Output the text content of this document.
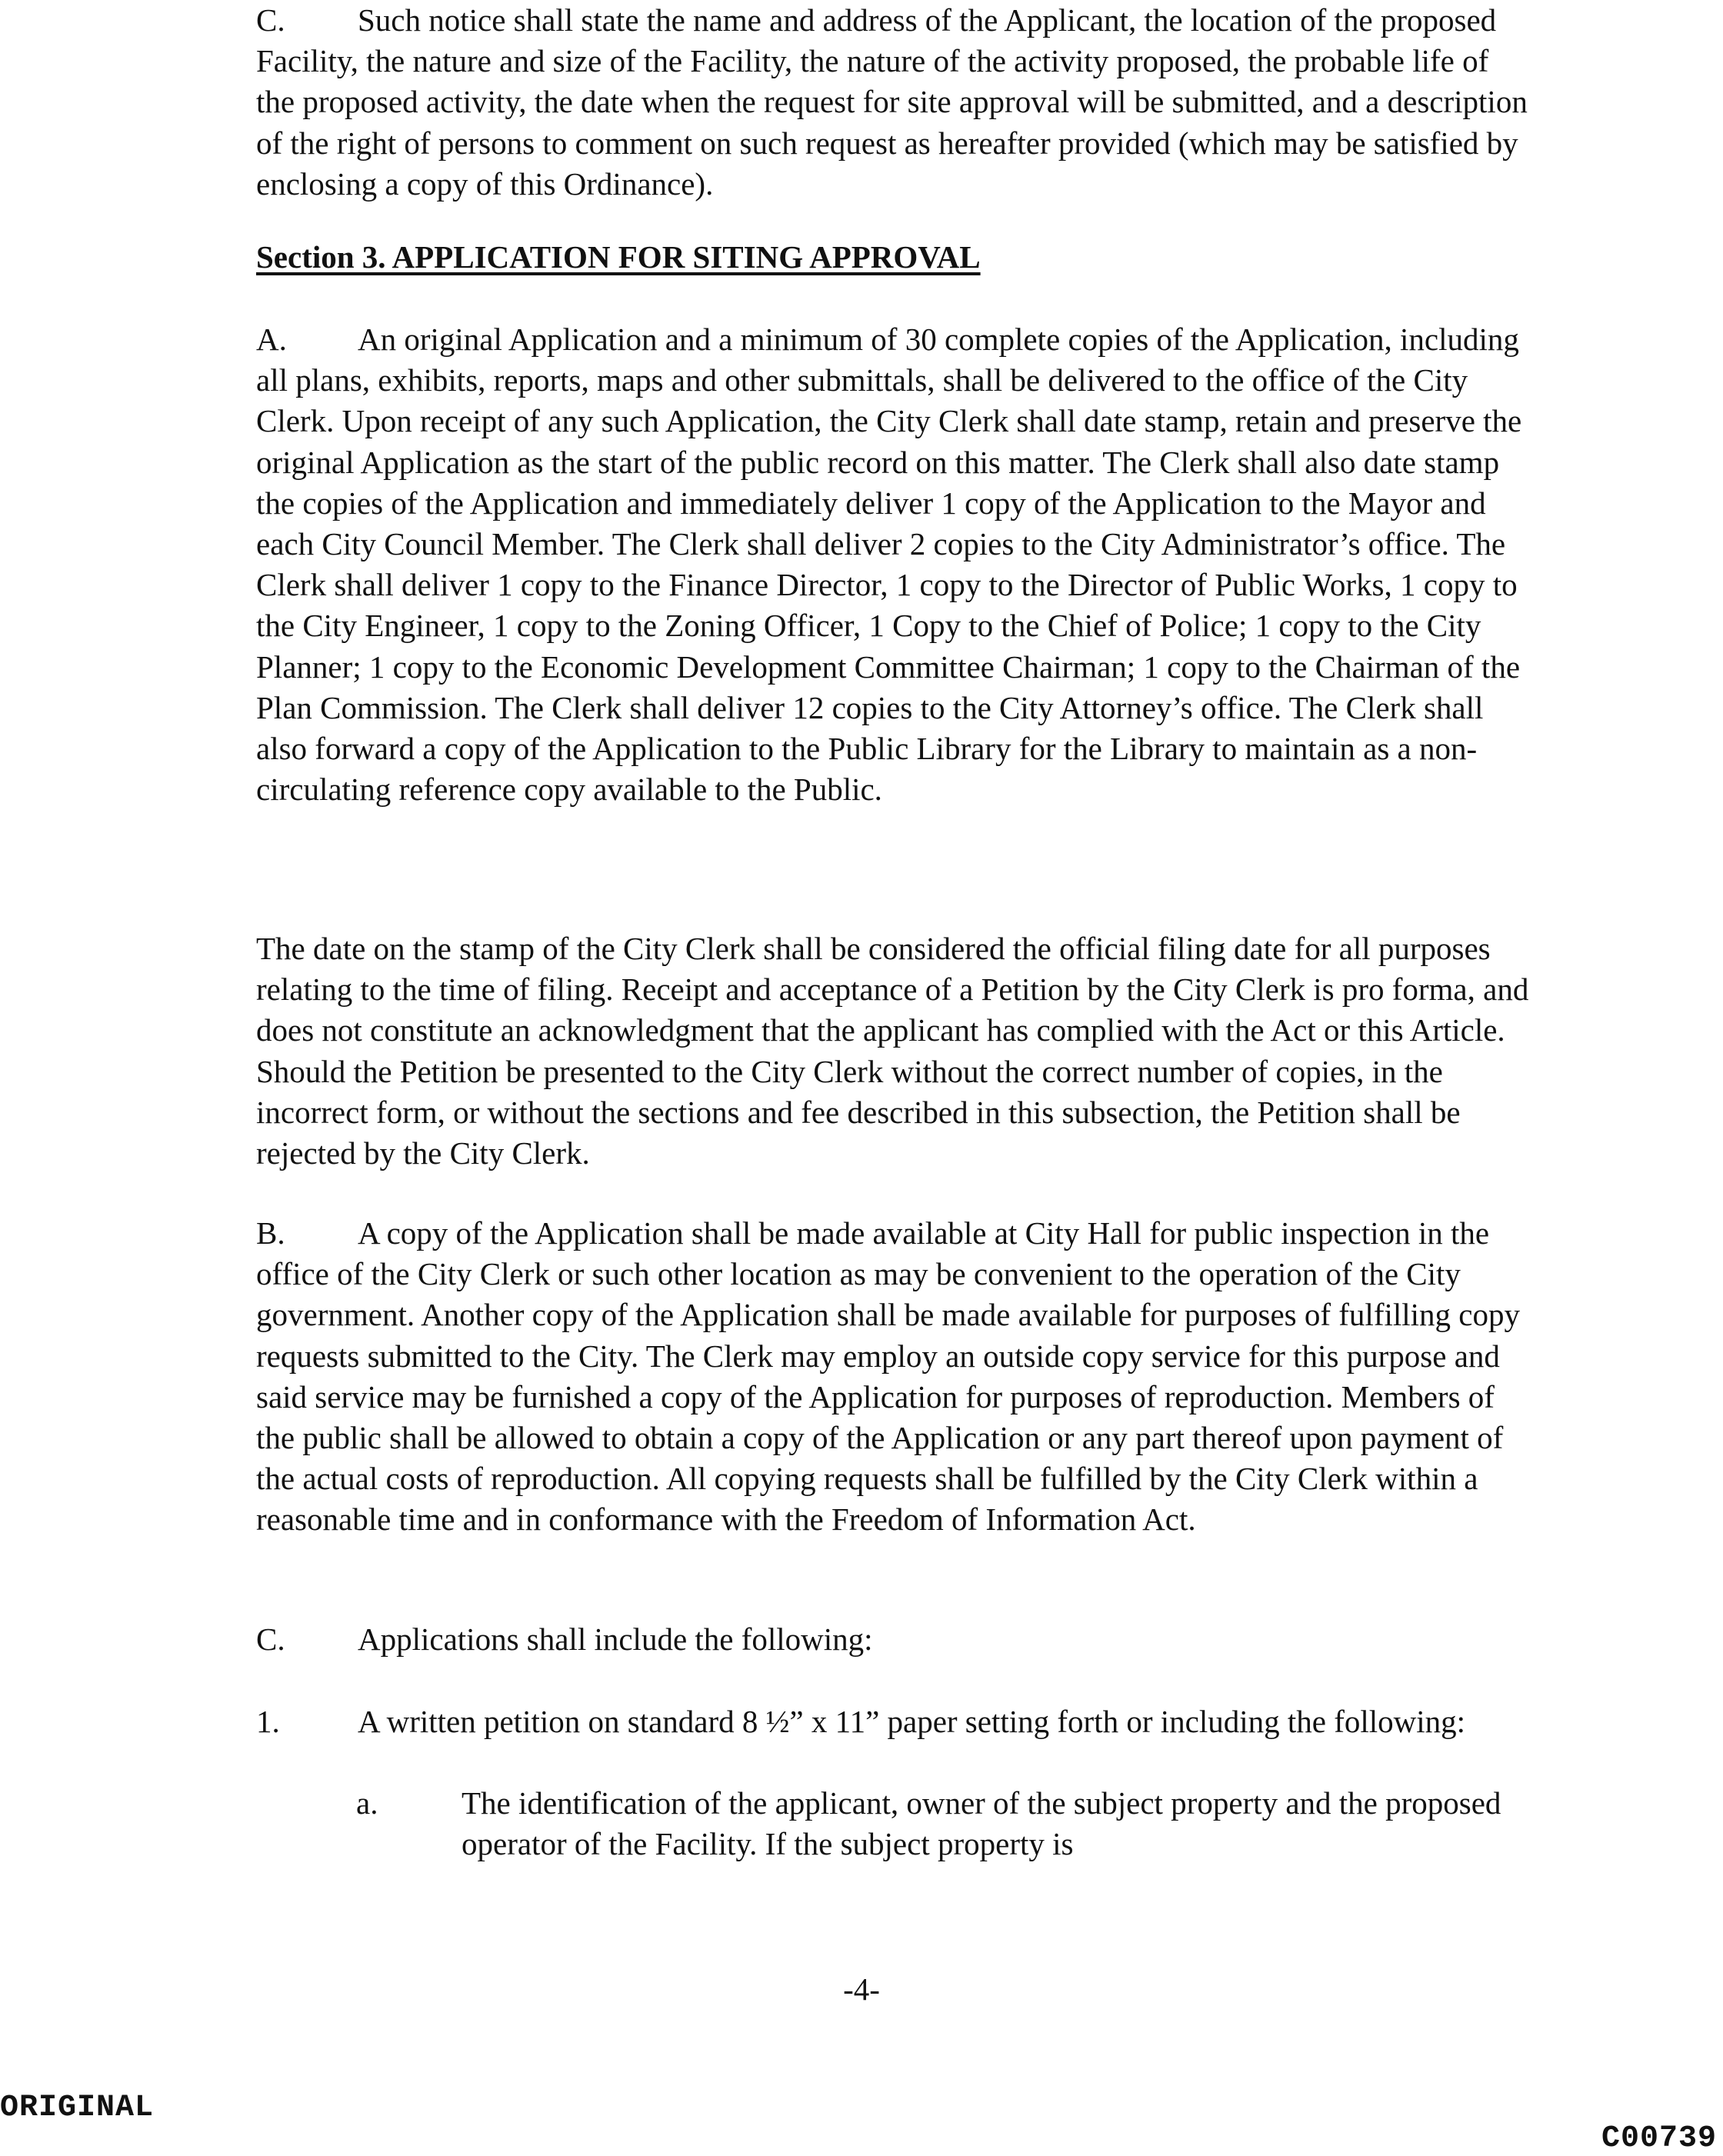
C. Such notice shall state the name and address of the Applicant, the location of the proposed Facility, the nature and size of the Facility, the nature of the activity proposed, the probable life of the proposed activity, the date when the request for site approval will be submitted, and a description of the right of persons to comment on such request as hereafter provided (which may be satisfied by enclosing a copy of this Ordinance).

Section 3. APPLICATION FOR SITING APPROVAL

A. An original Application and a minimum of 30 complete copies of the Application, including all plans, exhibits, reports, maps and other submittals, shall be delivered to the office of the City Clerk. Upon receipt of any such Application, the City Clerk shall date stamp, retain and preserve the original Application as the start of the public record on this matter. The Clerk shall also date stamp the copies of the Application and immediately deliver 1 copy of the Application to the Mayor and each City Council Member. The Clerk shall deliver 2 copies to the City Administrator’s office. The Clerk shall deliver 1 copy to the Finance Director, 1 copy to the Director of Public Works, 1 copy to the City Engineer, 1 copy to the Zoning Officer, 1 Copy to the Chief of Police; 1 copy to the City Planner; 1 copy to the Economic Development Committee Chairman; 1 copy to the Chairman of the Plan Commission. The Clerk shall deliver 12 copies to the City Attorney’s office. The Clerk shall also forward a copy of the Application to the Public Library for the Library to maintain as a non-circulating reference copy available to the Public.

The date on the stamp of the City Clerk shall be considered the official filing date for all purposes relating to the time of filing. Receipt and acceptance of a Petition by the City Clerk is pro forma, and does not constitute an acknowledgment that the applicant has complied with the Act or this Article. Should the Petition be presented to the City Clerk without the correct number of copies, in the incorrect form, or without the sections and fee described in this subsection, the Petition shall be rejected by the City Clerk.

B. A copy of the Application shall be made available at City Hall for public inspection in the office of the City Clerk or such other location as may be convenient to the operation of the City government. Another copy of the Application shall be made available for purposes of fulfilling copy requests submitted to the City. The Clerk may employ an outside copy service for this purpose and said service may be furnished a copy of the Application for purposes of reproduction. Members of the public shall be allowed to obtain a copy of the Application or any part thereof upon payment of the actual costs of reproduction. All copying requests shall be fulfilled by the City Clerk within a reasonable time and in conformance with the Freedom of Information Act.

C. Applications shall include the following:

1. A written petition on standard 8 ½” x 11” paper setting forth or including the following:

a.	The identification of the applicant, owner of the subject property and the proposed operator of the Facility. If the subject property is

-4-
ORIGINAL
C00739
